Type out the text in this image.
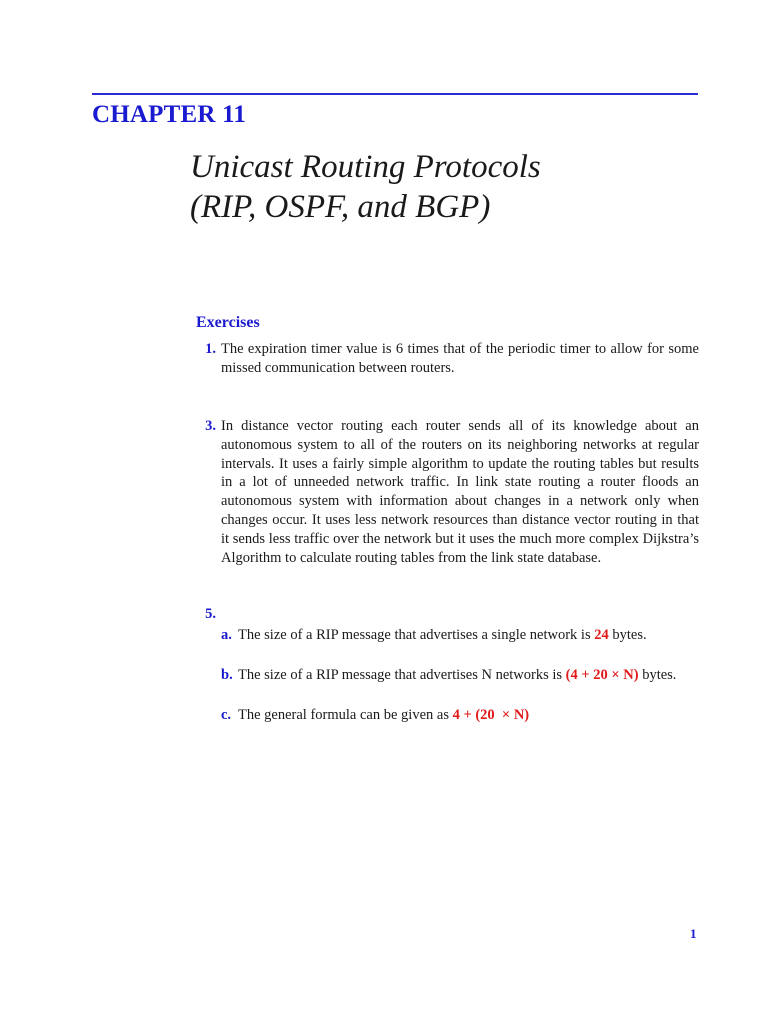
CHAPTER 11
Unicast Routing Protocols
(RIP, OSPF, and BGP)
Exercises
1. The expiration timer value is 6 times that of the periodic timer to allow for some missed communication between routers.
3. In distance vector routing each router sends all of its knowledge about an autonomous system to all of the routers on its neighboring networks at regular intervals. It uses a fairly simple algorithm to update the routing tables but results in a lot of unneeded network traffic. In link state routing a router floods an autonomous system with information about changes in a network only when changes occur. It uses less network resources than distance vector routing in that it sends less traffic over the network but it uses the much more complex Dijkstra’s Algorithm to calculate routing tables from the link state database.
5.
a. The size of a RIP message that advertises a single network is 24 bytes.
b. The size of a RIP message that advertises N networks is (4 + 20 × N) bytes.
c. The general formula can be given as 4 + (20  × N)
1
